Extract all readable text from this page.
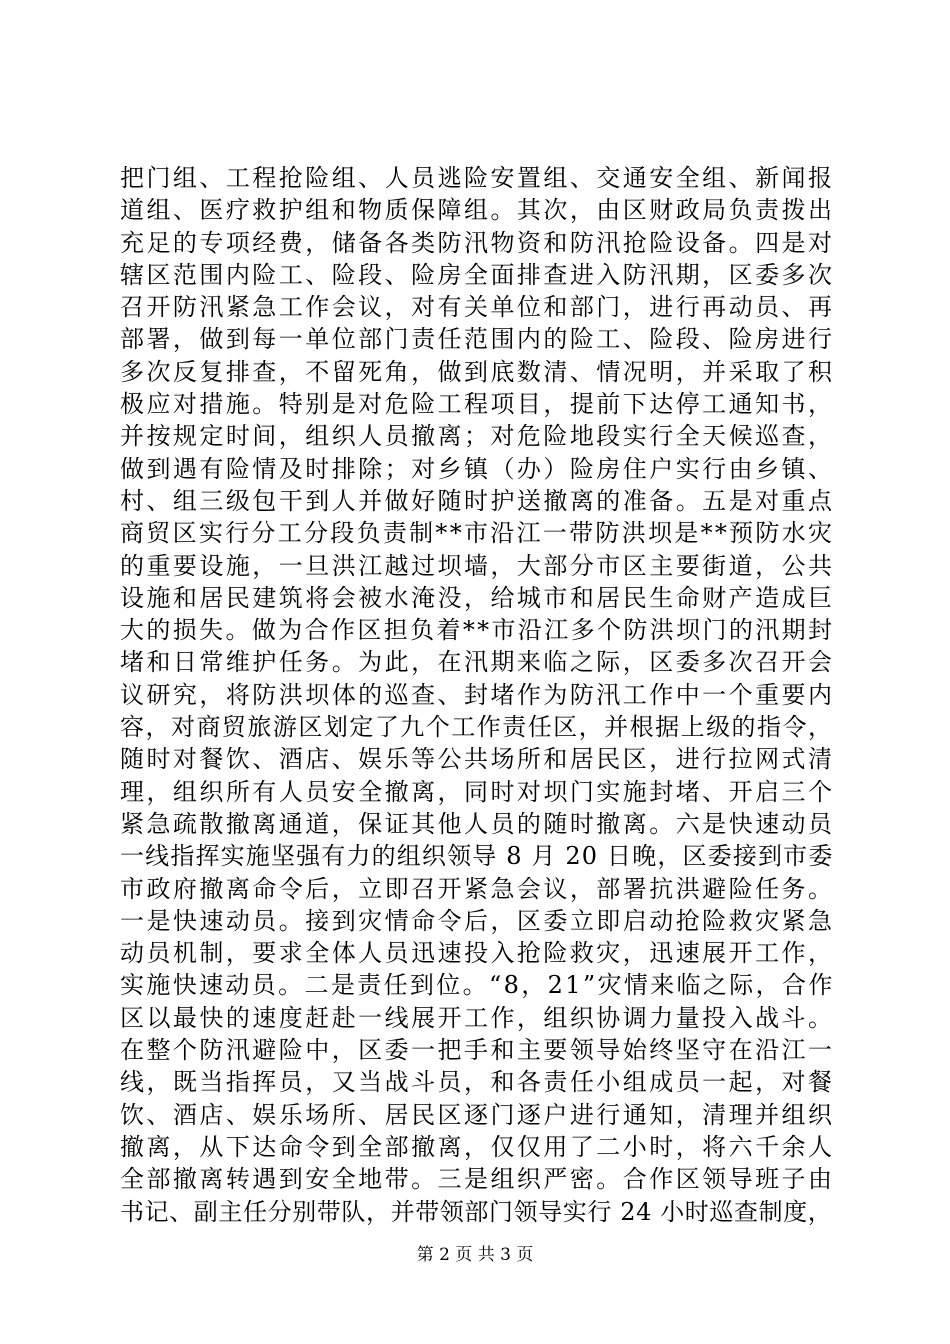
把门组、工程抢险组、人员逃险安置组、交通安全组、新闻报
道组、医疗救护组和物质保障组。其次，由区财政局负责拨出
充足的专项经费，储备各类防汛物资和防汛抢险设备。四是对
辖区范围内险工、险段、险房全面排查进入防汛期，区委多次
召开防汛紧急工作会议，对有关单位和部门，进行再动员、再
部署，做到每一单位部门责任范围内的险工、险段、险房进行
多次反复排查，不留死角，做到底数清、情况明，并采取了积
极应对措施。特别是对危险工程项目，提前下达停工通知书，
并按规定时间，组织人员撤离；对危险地段实行全天候巡查，
做到遇有险情及时排除；对乡镇（办）险房住户实行由乡镇、
村、组三级包干到人并做好随时护送撤离的准备。五是对重点
商贸区实行分工分段负责制**市沿江一带防洪坝是**预防水灾
的重要设施，一旦洪江越过坝墙，大部分市区主要街道，公共
设施和居民建筑将会被水淹没，给城市和居民生命财产造成巨
大的损失。做为合作区担负着**市沿江多个防洪坝门的汛期封
堵和日常维护任务。为此，在汛期来临之际，区委多次召开会
议研究，将防洪坝体的巡查、封堵作为防汛工作中一个重要内
容，对商贸旅游区划定了九个工作责任区，并根据上级的指令，
随时对餐饮、酒店、娱乐等公共场所和居民区，进行拉网式清
理，组织所有人员安全撤离，同时对坝门实施封堵、开启三个
紧急疏散撤离通道，保证其他人员的随时撤离。六是快速动员
一线指挥实施坚强有力的组织领导 8 月 20 日晚，区委接到市委
市政府撤离命令后，立即召开紧急会议，部署抗洪避险任务。
一是快速动员。接到灾情命令后，区委立即启动抢险救灾紧急
动员机制，要求全体人员迅速投入抢险救灾，迅速展开工作，
实施快速动员。二是责任到位。“8，21”灾情来临之际，合作
区以最快的速度赶赴一线展开工作，组织协调力量投入战斗。
在整个防汛避险中，区委一把手和主要领导始终坚守在沿江一
线，既当指挥员，又当战斗员，和各责任小组成员一起，对餐
饮、酒店、娱乐场所、居民区逐门逐户进行通知，清理并组织
撤离，从下达命令到全部撤离，仅仅用了二小时，将六千余人
全部撤离转遇到安全地带。三是组织严密。合作区领导班子由
书记、副主任分别带队，并带领部门领导实行 24 小时巡查制度，
第 2 页 共 3 页
